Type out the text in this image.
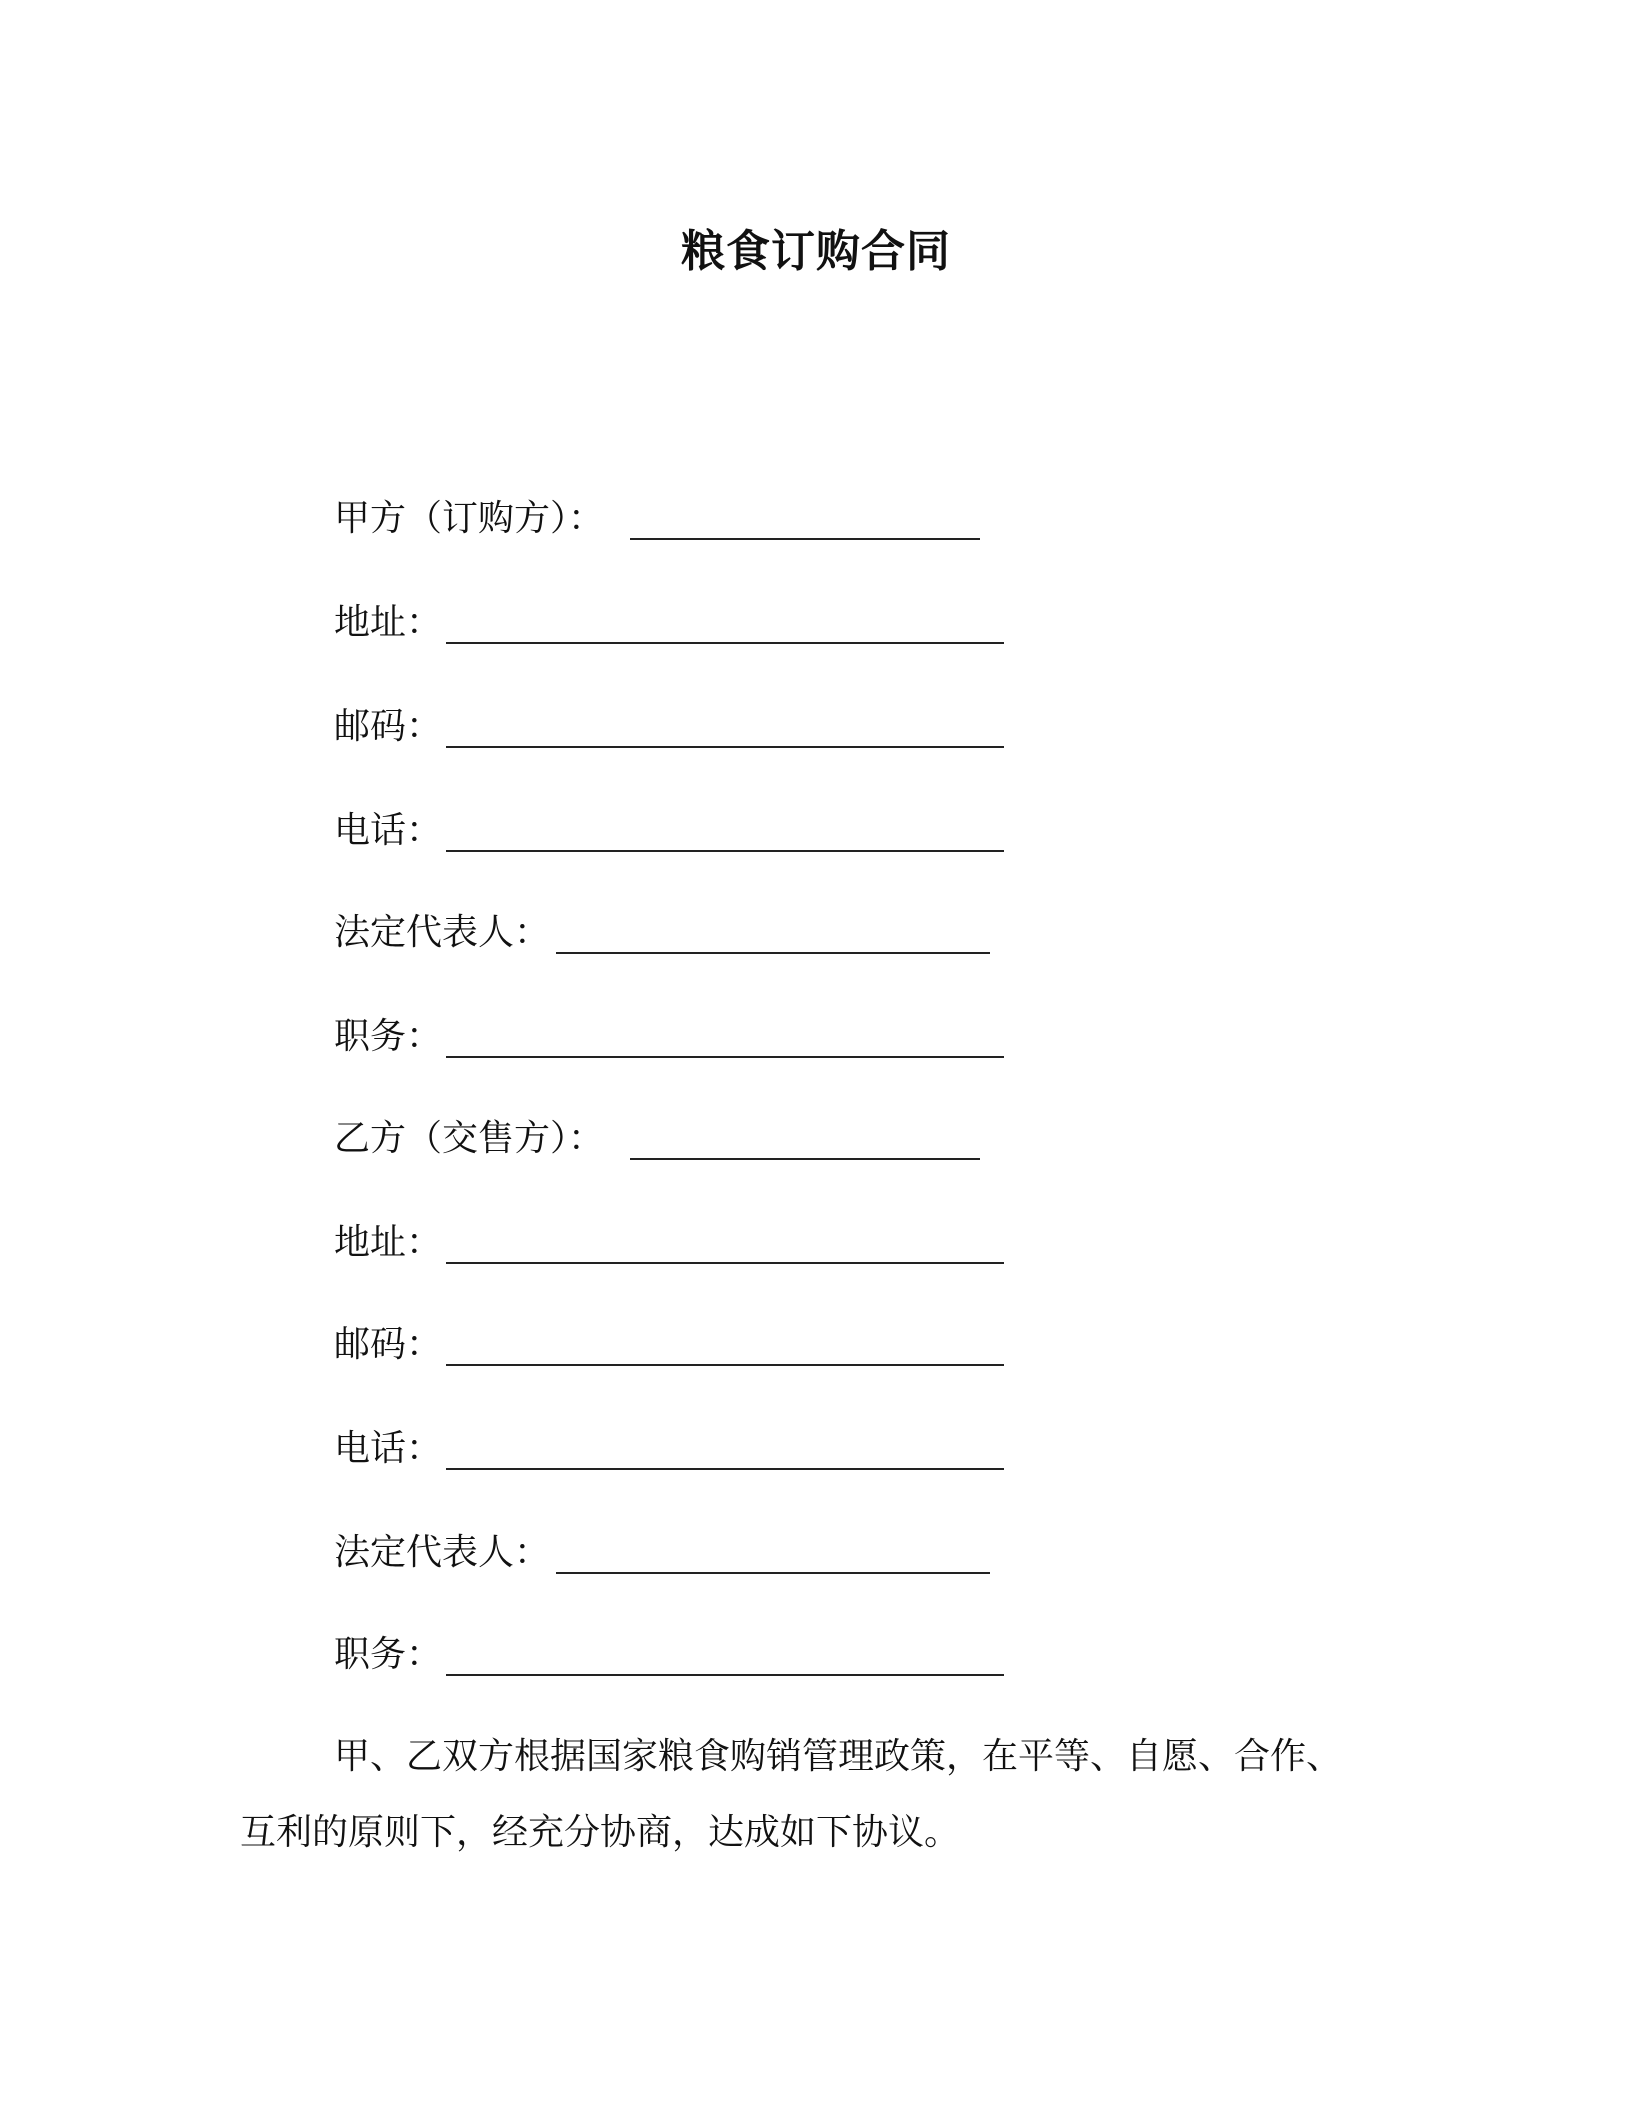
粮食订购合同
甲方（订购方）：
地址：
邮码：
电话：
法定代表人：
职务：
乙方（交售方）：
地址：
邮码：
电话：
法定代表人：
职务：
甲、乙双方根据国家粮食购销管理政策，在平等、自愿、合作、
互利的原则下，经充分协商，达成如下协议。
